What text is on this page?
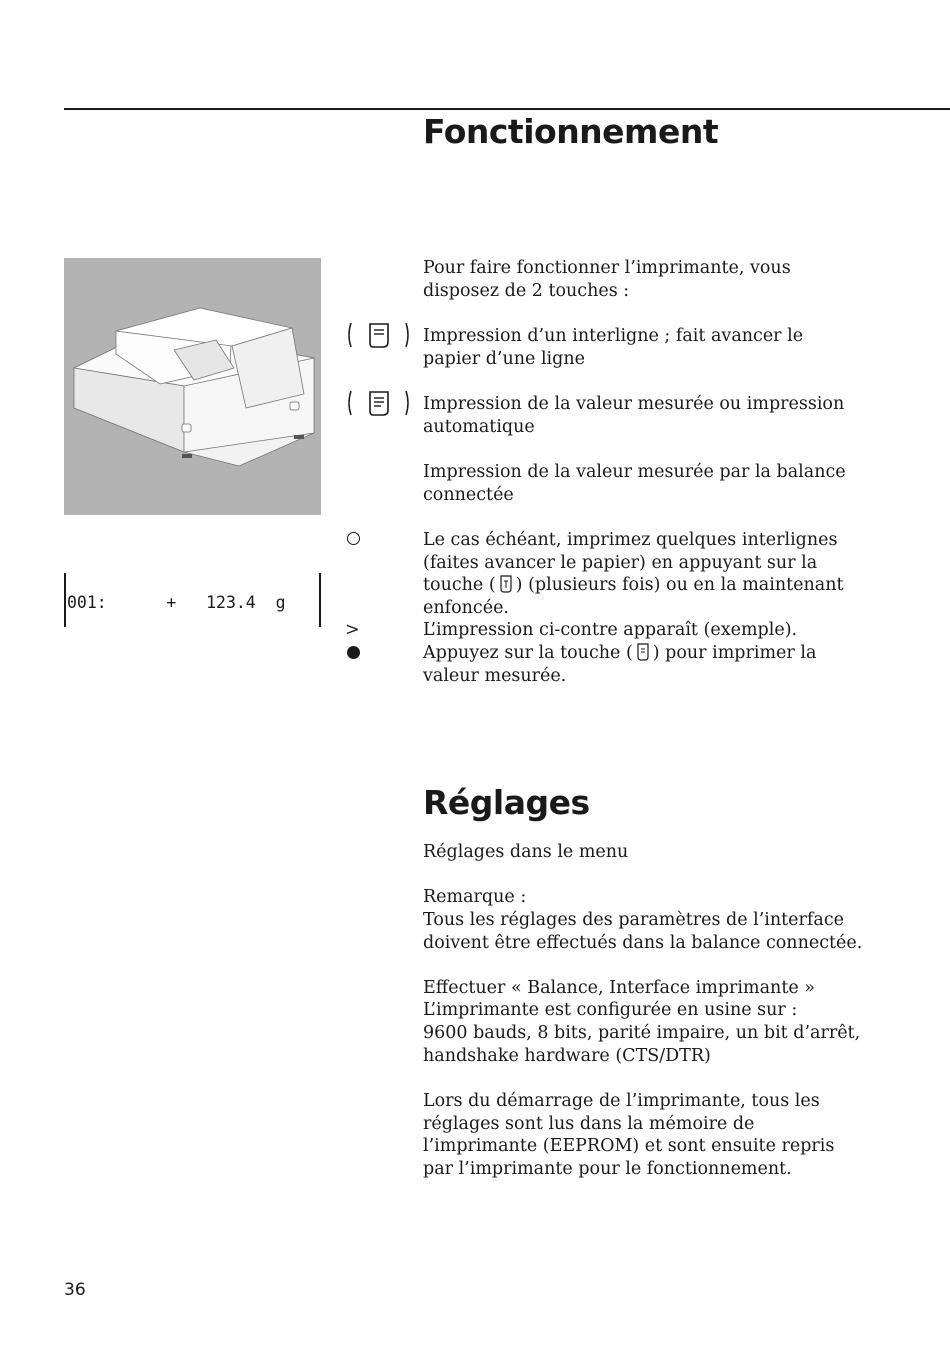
Fonctionnement
001:      +   123.4  g

Pour faire fonctionner l’imprimante, vous disposez de 2 touches :

Impression d’un interligne ; fait avancer le papier d’une ligne

Impression de la valeur mesurée ou impression automatique

Impression de la valeur mesurée par la balance connectée

Le cas échéant, imprimez quelques interlignes (faites avancer le papier) en appuyant sur la touche ( ) (plusieurs fois) ou en la maintenant enfoncée.

>	L’impression ci-contre apparaît (exemple).

Appuyez sur la touche ( ) pour imprimer la valeur mesurée.

Réglages

Réglages dans le menu

Remarque :

Tous les réglages des paramètres de l’interface doivent être effectués dans la balance connectée.

Effectuer « Balance, Interface imprimante »

L’imprimante est configurée en usine sur :

9600 bauds, 8 bits, parité impaire, un bit d’arrêt, handshake hardware (CTS/DTR)

Lors du démarrage de l’imprimante, tous les réglages sont lus dans la mémoire de l’imprimante (EEPROM) et sont ensuite repris par l’imprimante pour le fonctionnement.

36
